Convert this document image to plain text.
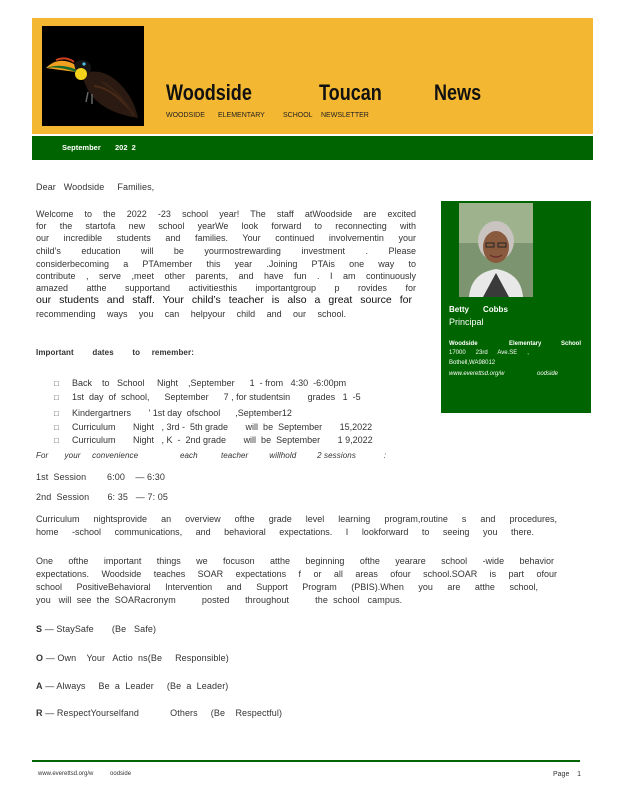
Woodside	Toucan News
WOODSIDE ELEMENTARY	SCHOOL NEWSLETTER
September 202  2
Betty Cobbs
Principal
Woodside	Elementary	School
17000      23rd      Ave.SE      ,
Bothell,WA98012
www.everettsd.org/w	oodside
Dear   Woodside     Families,
Welcome to the 2022 -23 school year! The staff atWoodside are excited
for the startofa new school yearWe look forward to reconnecting with
our incredible students and families. Your continued involvementin your
child’s education will be yourmostrewarding investment . Please
considerbecoming a PTAmember this year .Joining PTAis one way to
contribute , serve ,meet other parents, and have fun . I am continuously
amazed atthe supportand activitiesthis importantgroup p rovides for
our students and staff. Your child’s teacher is also a great source for
recommending ways you can helpyour child and our school.
Important        dates        to     remember:
□ Back    to   School     Night    ,September      1  - from   4:30  -6:00pm
□ 1st  day  of  school,      September      7 , for studentsin       grades   1  -5
□ Kindergartners       ' 1st day  ofschool      ,September12
□ Curriculum       Night   , 3rd -  5th grade       will  be  September       15,2022
□ Curriculum       Night   , K  -  2nd grade       will  be  September       1 9,2022
For       your     convenience                  each          teacher         willhold         2 sessions            :
1st  Session        6:00    — 6:30
2nd  Session       6: 35   — 7: 05
Curriculum nightsprovide an overview ofthe grade level learning program,routine s and procedures,
home -school communications, and behavioral expectations. I lookforward to seeing you there.
One ofthe important things we focuson atthe beginning ofthe yearare school -wide behavior
expectations. Woodside teaches SOAR expectations f or all areas ofour school.SOAR is part ofour
school PositiveBehavioral Intervention and Support Program (PBIS).When you are atthe school,
you   will  see  the  SOARacronym          posted      throughout          the  school   campus.
S — StaySafe       (Be   Safe)
O — Own    Your   Actio  ns(Be     Responsible)
A — Always     Be  a  Leader     (Be  a  Leader)
R — RespectYourselfand            Others     (Be    Respectful)
www.everettsd.org/w	oodside	Page 1
